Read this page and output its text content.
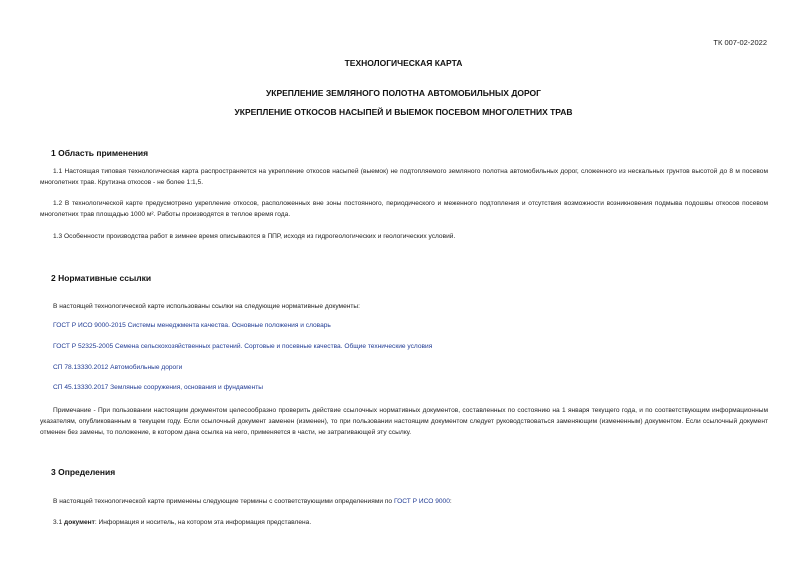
ТК 007-02-2022
ТЕХНОЛОГИЧЕСКАЯ КАРТА
УКРЕПЛЕНИЕ ЗЕМЛЯНОГО ПОЛОТНА АВТОМОБИЛЬНЫХ ДОРОГ
УКРЕПЛЕНИЕ ОТКОСОВ НАСЫПЕЙ И ВЫЕМОК ПОСЕВОМ МНОГОЛЕТНИХ ТРАВ
1 Область применения
1.1 Настоящая типовая технологическая карта распространяется на укрепление откосов насыпей (выемок) не подтопляемого земляного полотна автомобильных дорог, сложенного из нескальных грунтов высотой до 8 м посевом многолетних трав. Крутизна откосов - не более 1:1,5.
1.2 В технологической карте предусмотрено укрепление откосов, расположенных вне зоны постоянного, периодического и меженного подтопления и отсутствия возможности возникновения подмыва подошвы откосов посевом многолетних трав площадью 1000 м². Работы производятся в теплое время года.
1.3 Особенности производства работ в зимнее время описываются в ППР, исходя из гидрогеологических и геологических условий.
2 Нормативные ссылки
В настоящей технологической карте использованы ссылки на следующие нормативные документы:
ГОСТ Р ИСО 9000-2015 Системы менеджмента качества. Основные положения и словарь
ГОСТ Р 52325-2005 Семена сельскохозяйственных растений. Сортовые и посевные качества. Общие технические условия
СП 78.13330.2012 Автомобильные дороги
СП 45.13330.2017 Земляные сооружения, основания и фундаменты
Примечание - При пользовании настоящим документом целесообразно проверить действие ссылочных нормативных документов, составленных по состоянию на 1 января текущего года, и по соответствующим информационным указателям, опубликованным в текущем году. Если ссылочный документ заменен (изменен), то при пользовании настоящим документом следует руководствоваться заменяющим (измененным) документом. Если ссылочный документ отменен без замены, то положение, в котором дана ссылка на него, применяется в части, не затрагивающей эту ссылку.
3 Определения
В настоящей технологической карте применены следующие термины с соответствующими определениями по ГОСТ Р ИСО 9000:
3.1 документ: Информация и носитель, на котором эта информация представлена.
